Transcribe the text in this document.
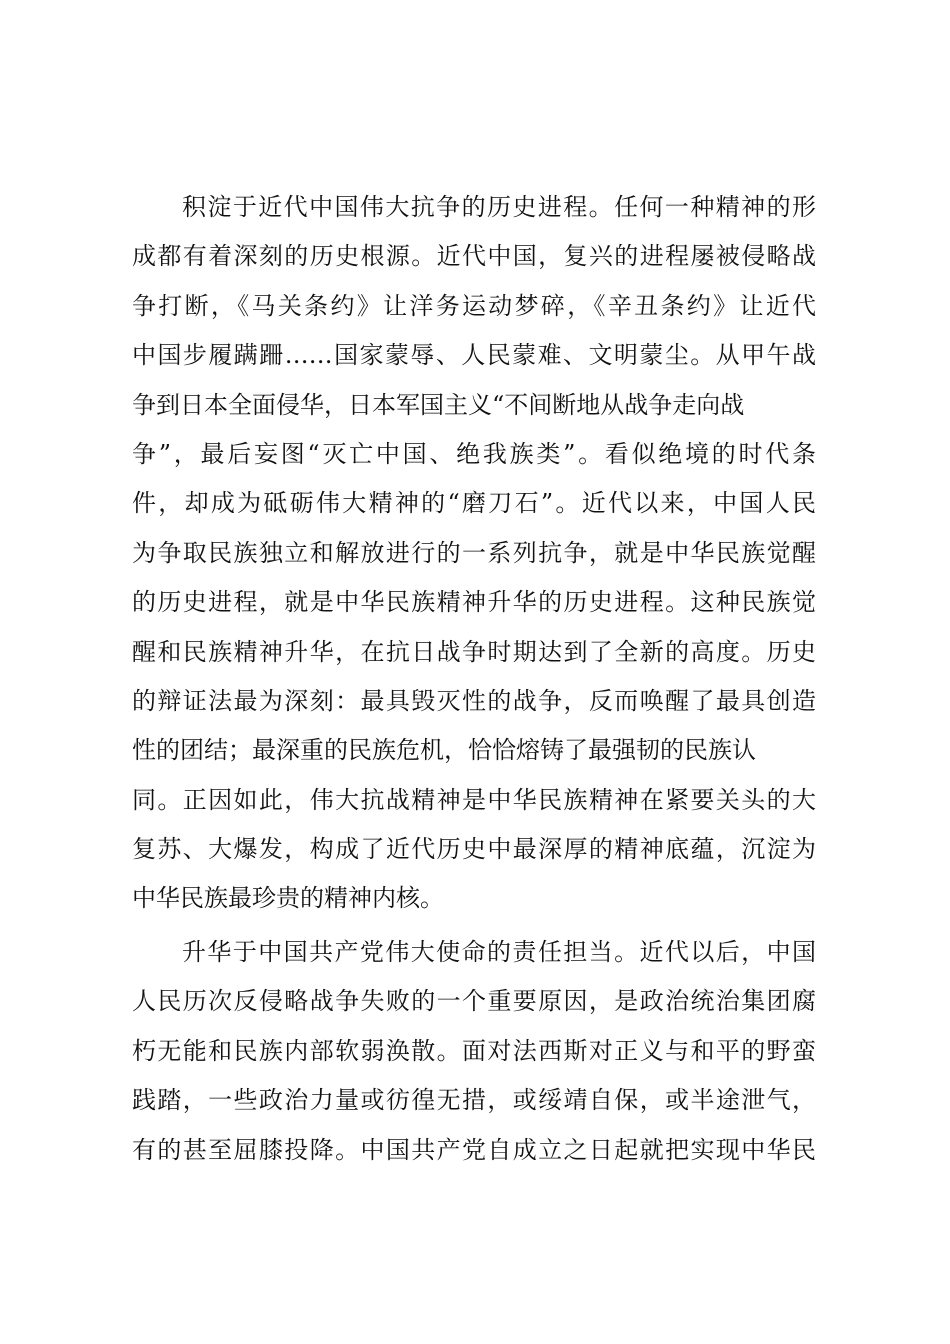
积淀于近代中国伟大抗争的历史进程。任何一种精神的形
成都有着深刻的历史根源。近代中国，复兴的进程屡被侵略战
争打断，《马关条约》让洋务运动梦碎，《辛丑条约》让近代
中国步履蹒跚……国家蒙辱、人民蒙难、文明蒙尘。从甲午战
争到日本全面侵华，日本军国主义“不间断地从战争走向战
争”，最后妄图“灭亡中国、绝我族类”。看似绝境的时代条
件，却成为砥砺伟大精神的“磨刀石”。近代以来，中国人民
为争取民族独立和解放进行的一系列抗争，就是中华民族觉醒
的历史进程，就是中华民族精神升华的历史进程。这种民族觉
醒和民族精神升华，在抗日战争时期达到了全新的高度。历史
的辩证法最为深刻：最具毁灭性的战争，反而唤醒了最具创造
性的团结；最深重的民族危机，恰恰熔铸了最强韧的民族认
同。正因如此，伟大抗战精神是中华民族精神在紧要关头的大
复苏、大爆发，构成了近代历史中最深厚的精神底蕴，沉淀为
中华民族最珍贵的精神内核。
升华于中国共产党伟大使命的责任担当。近代以后，中国
人民历次反侵略战争失败的一个重要原因，是政治统治集团腐
朽无能和民族内部软弱涣散。面对法西斯对正义与和平的野蛮
践踏，一些政治力量或彷徨无措，或绥靖自保，或半途泄气，
有的甚至屈膝投降。中国共产党自成立之日起就把实现中华民
